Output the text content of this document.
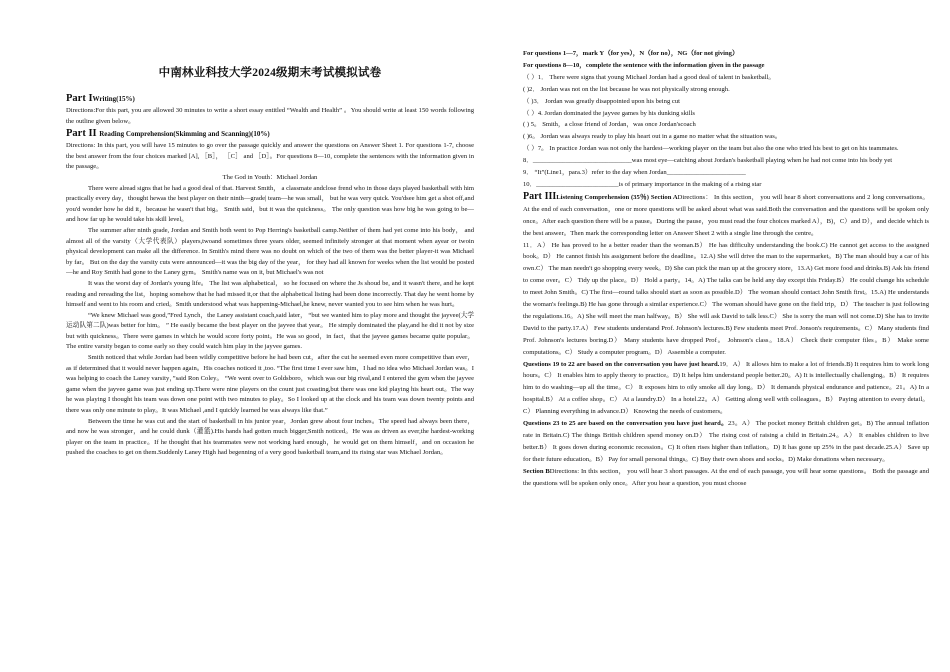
中南林业科技大学2024级期末考试模拟试卷

Part IWriting(15%)

Directions:For this part, you are allowed 30 minutes to write a short essay entitled “Wealth and Health” 。You should write at least 150 words following the outline given below。

Part II Reading Comprehension(Skimming and Scanning)(10%)

Directions: In this part, you will have 15 minutes to go over the passage quickly and answer the questions on Answer Sheet 1. For questions 1-7, choose the best answer from the four choices marked [A], ［B］， ［C］ and ［D］。For questions 8—10, complete the sentences with the information given in the passage。

The God in Youth：Michael Jordan

There were alread signs that he had a good deal of that. Harvest Smith， a classmate andclose frend who in those days played basketball with him practically every day，thought hewas the best player on their ninth—grade| team—he was small， but he was very quick. You'dsee him get a shot off,and you'd wonder how he did it，because he wasn't that big。 Smith said，but it was the quickness。 The only question was how big he was going to be—and how far up he would take his skill level。

The summer after ninth grade, Jordan and Smith both went to Pop Herring's basketball camp.Neither of them had yet come into his body， and almost all of the varsity（大学代表队）players,twoand sometimes three years older, seemed infinitely stronger at that moment when ayear or twoin physical development can make all the difference. In Smith's mind there was no doubt on which of the two of them was the better player-it was Michael by far。 But on the day the varsity cuts were announced—it was the big day of the year， for they had all known for weeks when the list would be posted—he and Roy Smith had gone to the Laney gym。 Smith's name was on it, but Michael's was not

It was the worst day of Jordan's young life。 The list was alphabetical， so he focused on where the Js shoud be, and it wasn't there, and he kept reading and rereading the list，hoping somehow that he had missed it,or that the alphabetical listing had been done incorrectly. That day he went home by himself and went to his room and cried。Smith understood what was happening-Michael,he knew, never wanted you to see him when he was hurt。

“We knew Michael was good,”Fred Lynch，the Laney assistant coach,said later， “but we wanted him to play more and thought the jayvee(大学运动队第二队)was better for him。 ” He easily became the best player on the jayvee that year。 He simply dominated the play,and he did it not by size but with quickness。There were games in which he would score forty point。He was so good，in fact，that the jayvee games became quite popular。The entire varsity began to come early so they could watch him play in the jayvee games.

Smith noticed that while Jordan had been wildly competitive before he had been cut，after the cut he seemed even more competitive than ever，as if determined that it would never happen again。His coaches noticed it ,too. “The first time I ever saw him，I had no idea who Michael Jordan was。I was helping to coach the Laney varsity，”said Ron Coley。 “We went over to Goldsboro，which was our big rival,and I entered the gym when the jayvee game when the jayvee game was just ending up.There were nine players on the count just coasting,but there was one kid playing his heart out。The way he was playing I thought his team was down one point with two minutes to play。So I looked up at the clock and his team was down twenty points and there was only one minute to play。It was Michael ,and I quickly learned he was always like that.”

Between the time he was cut and the start of basketball in his junior year，Jordan grew about four inches。The speed had always been there，and now he was stronger，and he could dunk（灌篮).His hands had gotten much bigger,Smith noticed。He was as driven as ever,the hardest-working player on the team in practice。If he thought that his teammates wew not working hard enough，he would get on them himself，and on occasion he pushed the coaches to get on them.Suddenly Laney High had begenning of a very good basketball team,and its rising star was Michael Jordan。

For questions 1—7，mark Y（for yes），N（for no），NG（for not giving）

For questions 8—10，complete the sentence with the information given in the passage

（ ）1． There were signs that young Michael Jordan had a good deal of talent in basketball。

( )2． Jordan was not on the list because he was not physically strong enough.

（ )3． Jordan was greatly disappointed upon his being cut

（ ）4. Jordan dominated the jayvee games by his dunking skills

( ) 5。 Smith，a close friend of Jordan，was once Jordan'scoach

( )6。 Jordan was always ready to play his heart out in a game no matter what the situation was。

（ ）7。 In practice Jordan was not only the hardest—working player on the team but also the one who tried his best to get on his teammates.

8．______________________________was most eye—catching about Jordan's basketball playing when he had not come into his body yet

9． “It”(Line1，para.3）refer to the day when Jordan________________________

10．_________________________is of primary importance in the making of a rising star

Part IIIListening Comprehension (35％) Section ADirections： In this section， you will hear 8 short conversations and 2 long conversations。 At the end of each conversation，one or more questions will be asked about what was said.Both the conversation and the questions will be spoken only once。After each question there will be a pause。During the pause，you must read the four choices marked A），B)，C）and D），and decide which is the best answer。Then mark the corresponding letter on Answer Sheet 2 with a single line through the centre。

11．A） He has proved to he a better reader than the woman.B） He has difficulty understanding the book.C) He cannot get access to the assigned book。D） He cannot finish his assignment before the deadline。12.A) She will drive the man to the supermarket。B) The man should buy a car of his own.C） The man needn't go shopping every week。D) She can pick the man up at the grocery store，13.A) Get more food and drinks.B) Ask his friend to come over。C） Tidy up the place。D） Hold a party。14。A) The talks can be held any day except this Friday.B） He could change his schedule to meet John Smith。C) The first—round talks should start as soon as possible.D） The woman should contact John Smith first。15.A) He understands the woman's feelings.B) He has gone through a similar experience.C） The woman should have gone on the field trip，D） The teacher is just following the regulations.16。A) She will meet the man halfway。B） She will ask David to talk less.C） She is sorry the man will not come.D) She has to invite David to the party.17.A） Few students understand Prof. Johnson's lectures.B) Few students meet Prof. Jonson's requirements。C） Many students find Prof. Johnson's lectures boring.D） Many students have dropped Prof。 Johnson's class。18.A） Check their computer files。B） Make some computations。C） Study a computer program。D） Assemble a computer.

Questions 19 to 22 are based on the conversation you have just heard.19．A） It allows him to make a lot of friends.B) It requires him to work long hours。C） It enables him to apply theory to practice。D) It helps him understand people better.20。A) It is intellectually challenging。B） It requires him to do washing—up all the time。C） It exposes him to oily smoke all day long。D） It demands physical endurance and patience。21。A) In a hospital.B） At a coffee shop。C） At a laundry.D） In a hotel.22。A） Getting along well with colleagues。B） Paying attention to every detail。C） Planning everything in advance.D） Knowing the needs of customers。

Questions 23 to 25 are based on the conversation you have just heard。23。A） The pocket money British children get。B) The annual inflation rate in Britain.C) The things British children spend money on.D） The rising cost of raising a child in Britain.24。A） It enables children to live better.B） It goes down during economic recession。C) It often rises higher than inflation。D) It has gone up 25% in the past decade.25.A） Save up for their future education。B） Pay for small personal things。C) Buy their own shoes and socks。D) Make donations when necessary。

Section BDirections: In this section， you will hear 3 short passages. At the end of each passage, you will hear some questions。 Both the passage and the questions will be spoken only once。After you hear a question, you must choose
